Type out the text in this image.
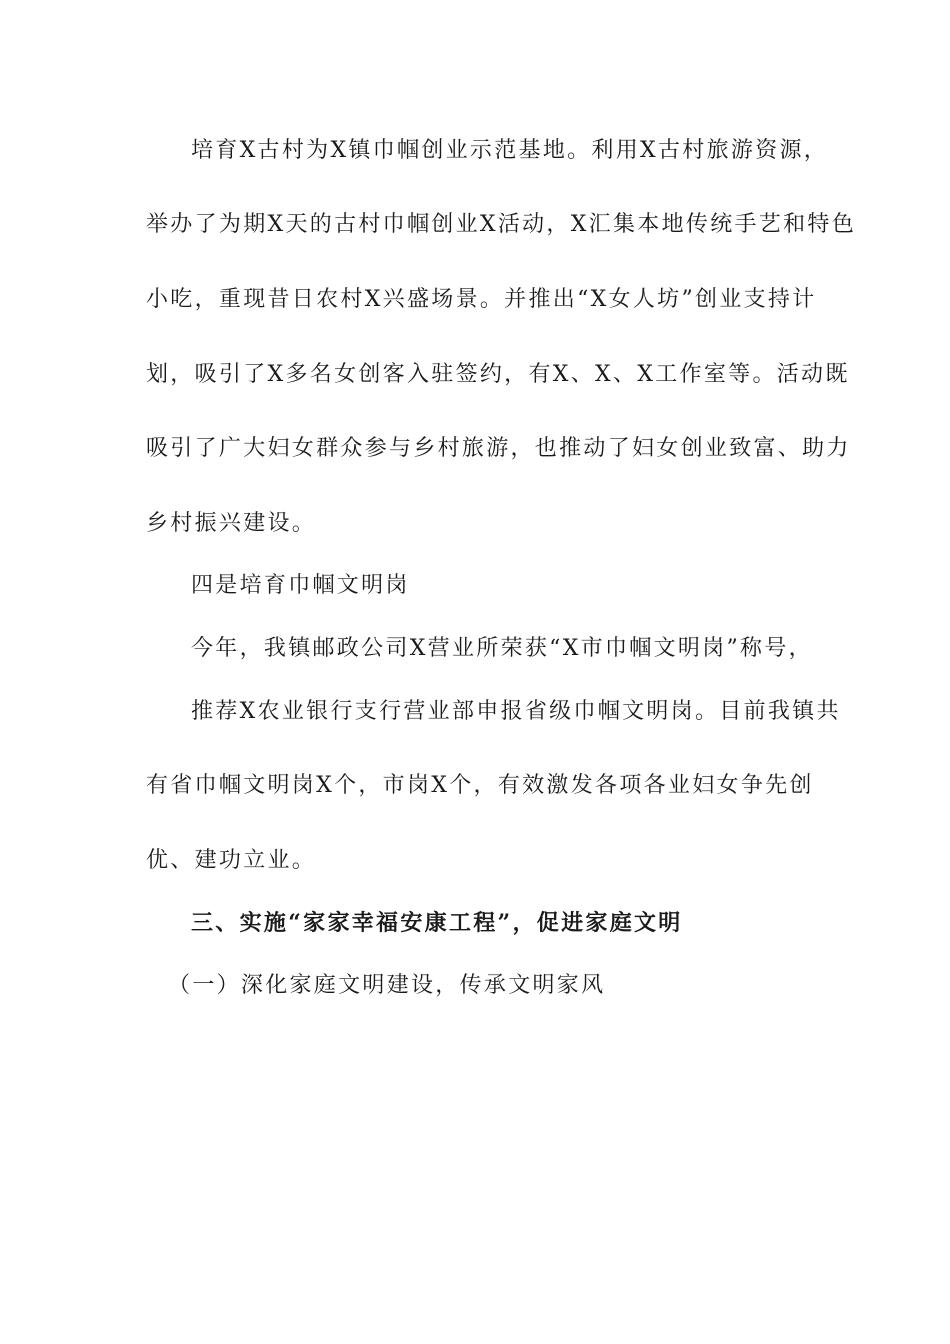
培育X古村为X镇巾帼创业示范基地。利用X古村旅游资源，
举办了为期X天的古村巾帼创业X活动，X汇集本地传统手艺和特色
小吃，重现昔日农村X兴盛场景。并推出“X女人坊”创业支持计
划，吸引了X多名女创客入驻签约，有X、X、X工作室等。活动既
吸引了广大妇女群众参与乡村旅游，也推动了妇女创业致富、助力
乡村振兴建设。
四是培育巾帼文明岗
今年，我镇邮政公司X营业所荣获“X市巾帼文明岗”称号，
推荐X农业银行支行营业部申报省级巾帼文明岗。目前我镇共
有省巾帼文明岗X个，市岗X个，有效激发各项各业妇女争先创
优、建功立业。
三、实施“家家幸福安康工程”，促进家庭文明
（一）深化家庭文明建设，传承文明家风
